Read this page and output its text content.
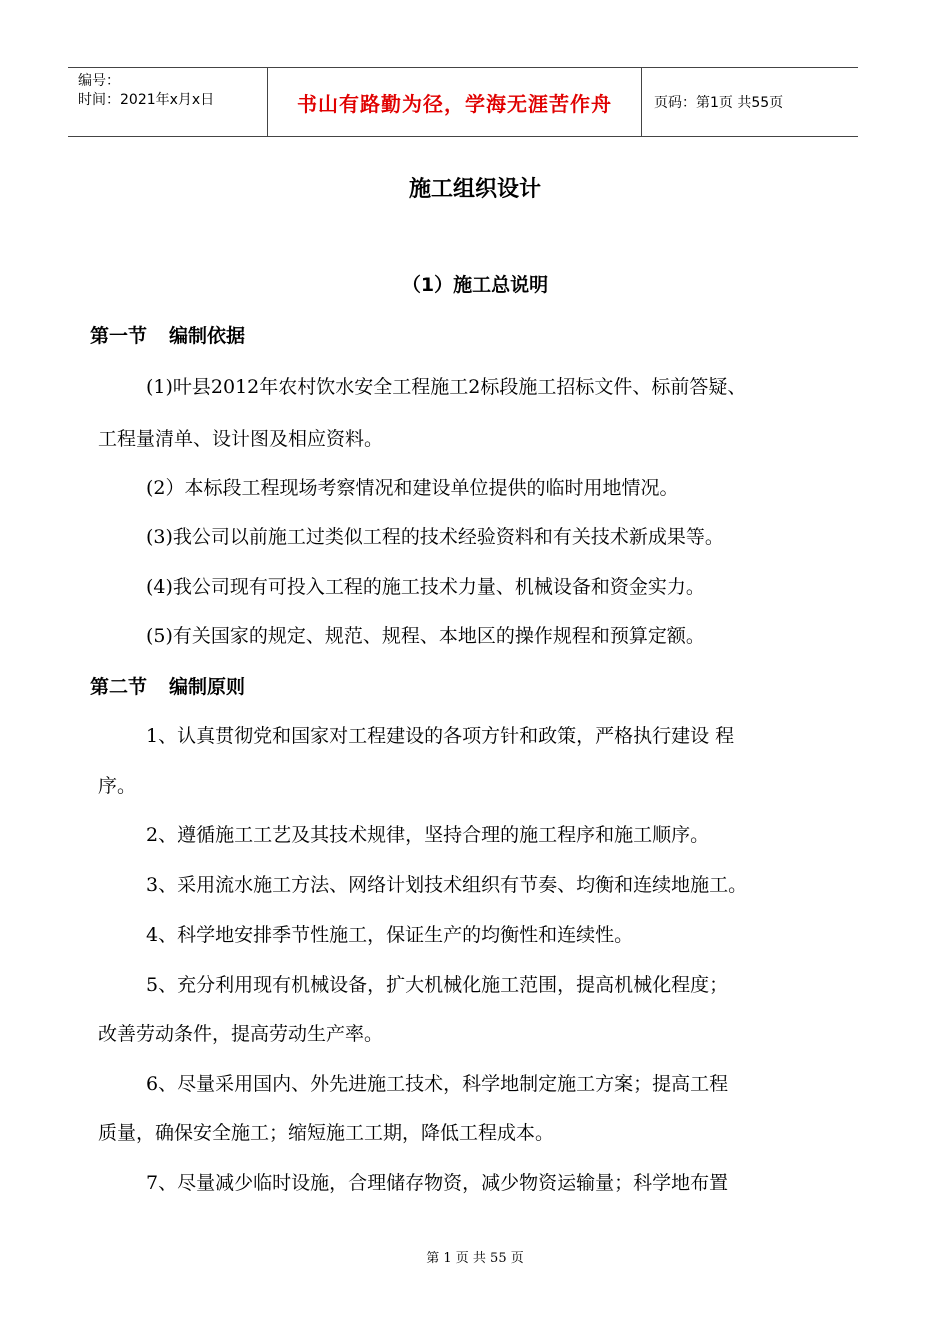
编号：
时间：2021年x月x日	书山有路勤为径，学海无涯苦作舟	页码：第1页 共55页
施工组织设计
（1）施工总说明
第一节 编制依据
(1)叶县2012年农村饮水安全工程施工2标段施工招标文件、标前答疑、
工程量清单、设计图及相应资料。
(2）本标段工程现场考察情况和建设单位提供的临时用地情况。
(3)我公司以前施工过类似工程的技术经验资料和有关技术新成果等。
(4)我公司现有可投入工程的施工技术力量、机械设备和资金实力。
(5)有关国家的规定、规范、规程、本地区的操作规程和预算定额。
第二节 编制原则
1、认真贯彻党和国家对工程建设的各项方针和政策，严格执行建设 程
序。
2、遵循施工工艺及其技术规律，坚持合理的施工程序和施工顺序。
3、采用流水施工方法、网络计划技术组织有节奏、均衡和连续地施工。
4、科学地安排季节性施工，保证生产的均衡性和连续性。
5、充分利用现有机械设备，扩大机械化施工范围，提高机械化程度；
改善劳动条件，提高劳动生产率。
6、尽量采用国内、外先进施工技术，科学地制定施工方案；提高工程
质量，确保安全施工；缩短施工工期，降低工程成本。
7、尽量减少临时设施，合理储存物资，减少物资运输量；科学地布置
第 1 页 共 55 页
